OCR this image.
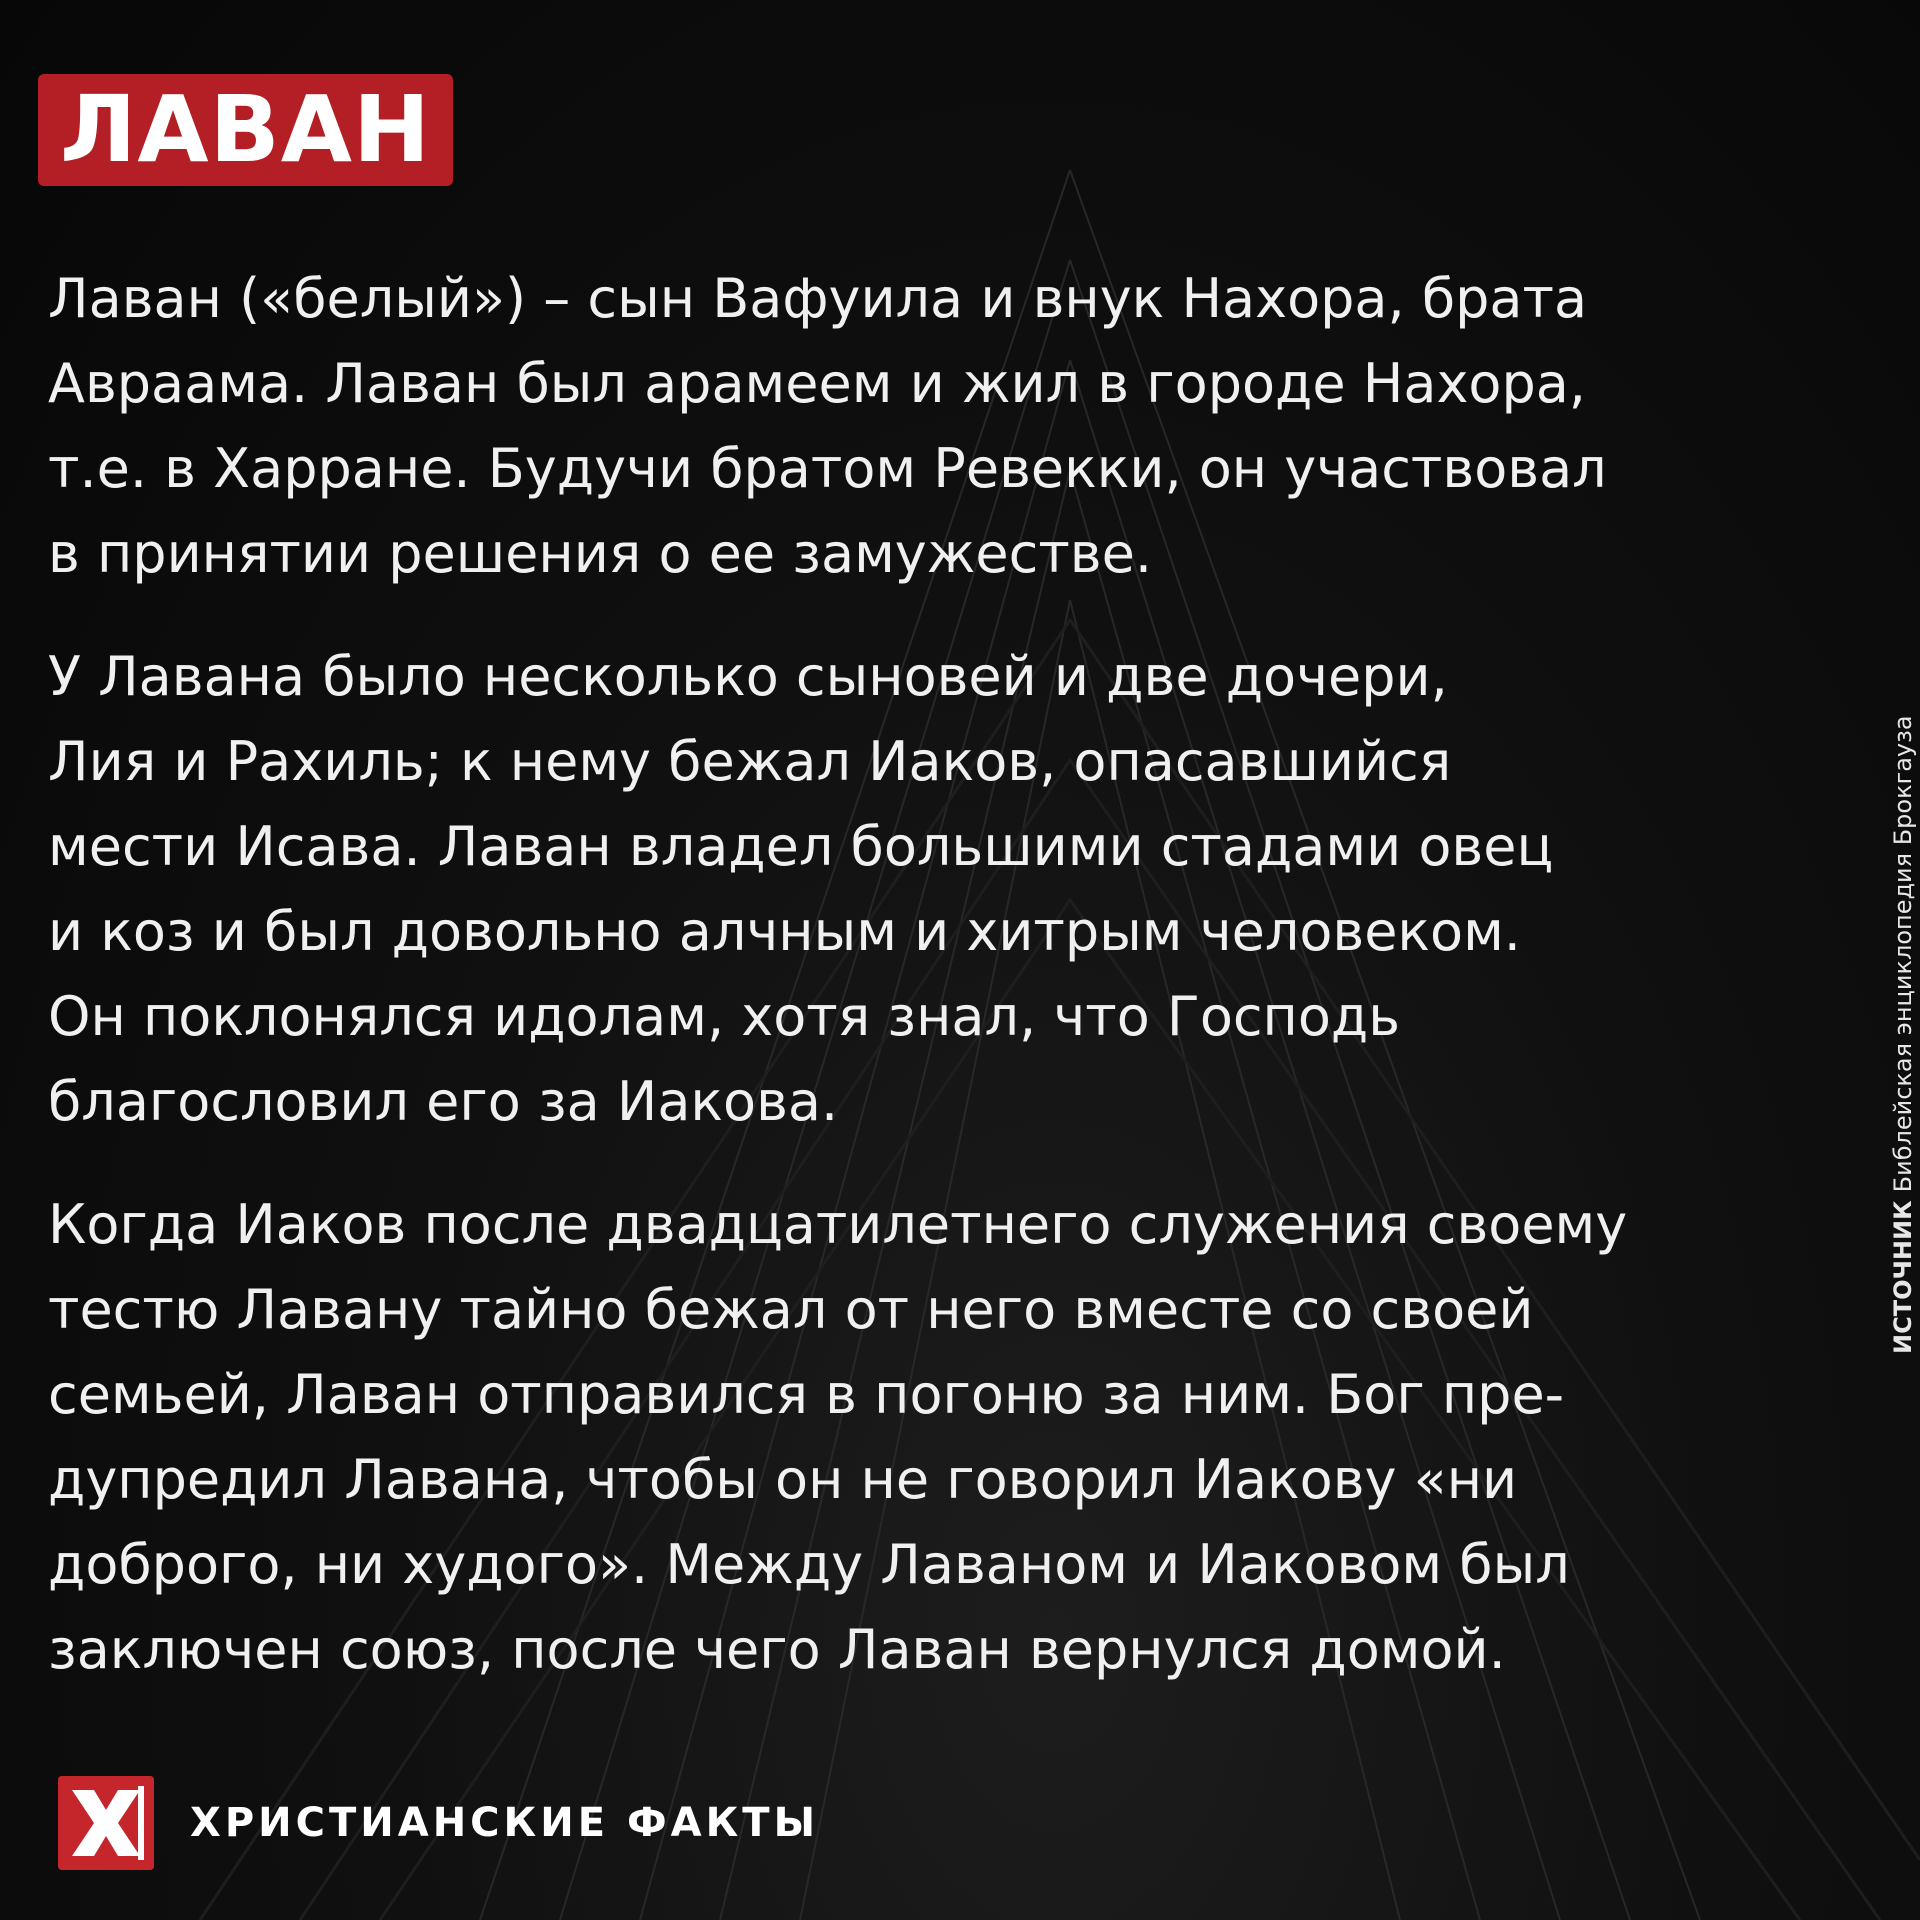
ЛАВАН

Лаван («белый») – сын Вафуила и внук Нахора, брата
Авраама. Лаван был арамеем и жил в городе Нахора,
т.е. в Харране. Будучи братом Ревекки, он участвовал
в принятии решения о ее замужестве.

У Лавана было несколько сыновей и две дочери,
Лия и Рахиль; к нему бежал Иаков, опасавшийся
мести Исава. Лаван владел большими стадами овец
и коз и был довольно алчным и хитрым человеком.
Он поклонялся идолам, хотя знал, что Господь
благословил его за Иакова.

Когда Иаков после двадцатилетнего служения своему
тестю Лавану тайно бежал от него вместе со своей
семьей, Лаван отправился в погоню за ним. Бог пре-
дупредил Лавана, чтобы он не говорил Иакову «ни
доброго, ни худого». Между Лаваном и Иаковом был
заключен союз, после чего Лаван вернулся домой.

ИСТОЧНИКБиблейская энциклопедия Брокгауза
ХРИСТИАНСКИЕ ФАКТЫ
